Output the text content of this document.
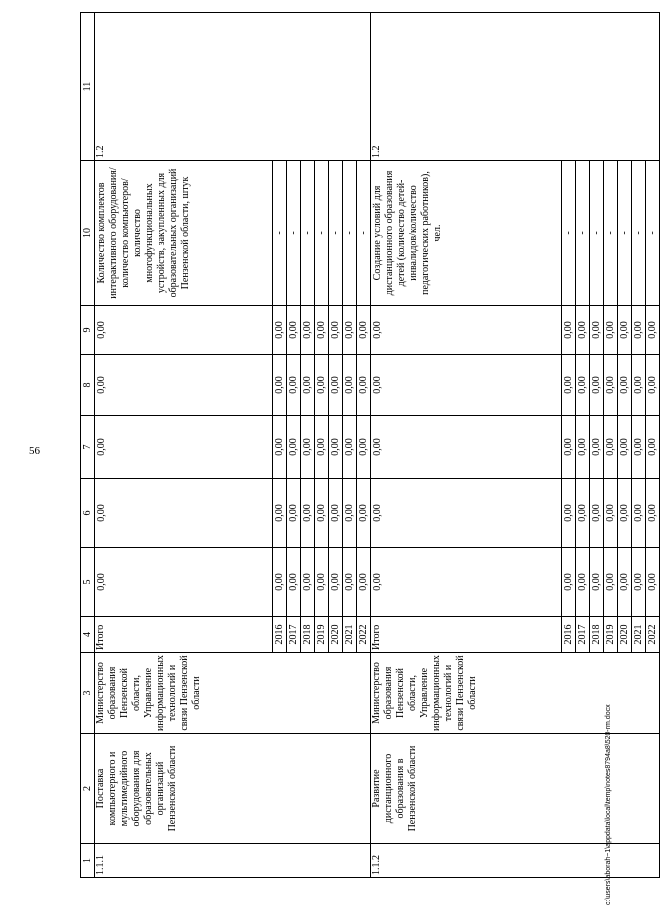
56
1	2	3	4	5	6	7	8	9	10	11
1.1.1	Поставка компьютерного и мультимедийного оборудования для образовательных организаций Пензенской области	Министерство образования Пензенской области, Управление информационных технологий и связи Пензенской области	Итого	0,00	0,00	0,00	0,00	0,00	Количество комплектов интерактивного оборудования/количество компьютеров/количество многофункциональных устройств, закупленных для образовательных организаций Пензенской области, штук	1.2
			2016	0,00	0,00	0,00	0,00	0,00	-	
			2017	0,00	0,00	0,00	0,00	0,00	-	
			2018	0,00	0,00	0,00	0,00	0,00	-	
			2019	0,00	0,00	0,00	0,00	0,00	-	
			2020	0,00	0,00	0,00	0,00	0,00	-	
			2021	0,00	0,00	0,00	0,00	0,00	-	
			2022	0,00	0,00	0,00	0,00	0,00	-	
1.1.2	Развитие дистанционного образования в Пензенской области	Министерство образования Пензенской области, Управление информационных технологий и связи Пензенской области	Итого	0,00	0,00	0,00	0,00	0,00	Создание условий для дистанционного образования детей (количество детей-инвалидов/количество педагогических работников), чел.	1.2
			2016	0,00	0,00	0,00	0,00	0,00	-	
			2017	0,00	0,00	0,00	0,00	0,00	-	
			2018	0,00	0,00	0,00	0,00	0,00	-	
			2019	0,00	0,00	0,00	0,00	0,00	-	
			2020	0,00	0,00	0,00	0,00	0,00	-	
			2021	0,00	0,00	0,00	0,00	0,00	-	
			2022	0,00	0,00	0,00	0,00	0,00	-	
c:\users\aborah~1\appdata\local\temp\notes8794a8\520-rm.docx
